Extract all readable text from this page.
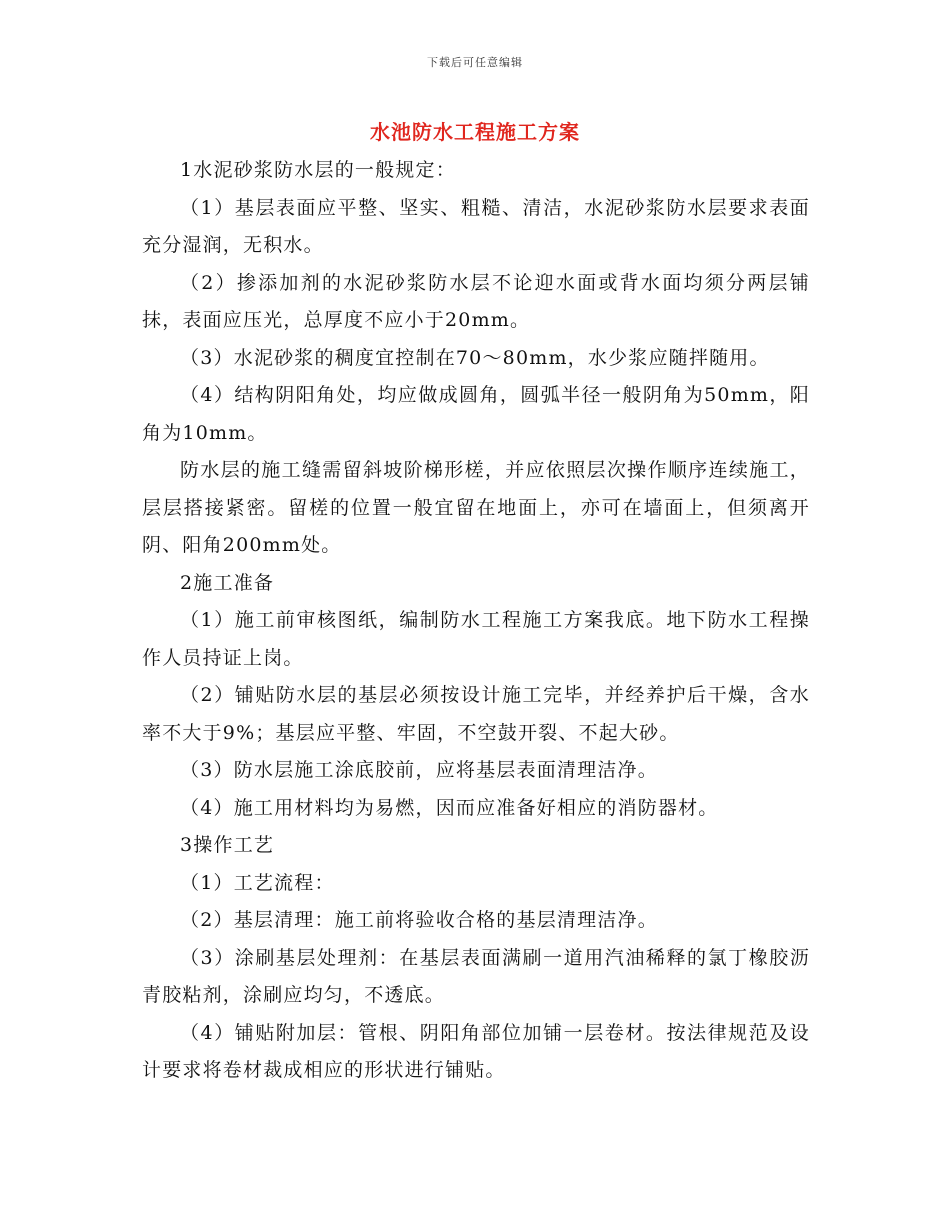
下载后可任意编辑
水池防水工程施工方案

1水泥砂浆防水层的一般规定：

（1）基层表面应平整、坚实、粗糙、清洁，水泥砂浆防水层要求表面充分湿润，无积水。

（2）掺添加剂的水泥砂浆防水层不论迎水面或背水面均须分两层铺抹，表面应压光，总厚度不应小于20mm。

（3）水泥砂浆的稠度宜控制在70～80mm，水少浆应随拌随用。

（4）结构阴阳角处，均应做成圆角，圆弧半径一般阴角为50mm，阳角为10mm。

防水层的施工缝需留斜坡阶梯形槎，并应依照层次操作顺序连续施工，层层搭接紧密。留槎的位置一般宜留在地面上，亦可在墙面上，但须离开阴、阳角200mm处。

2施工准备

（1）施工前审核图纸，编制防水工程施工方案我底。地下防水工程操作人员持证上岗。

（2）铺贴防水层的基层必须按设计施工完毕，并经养护后干燥，含水率不大于9%；基层应平整、牢固，不空鼓开裂、不起大砂。

（3）防水层施工涂底胶前，应将基层表面清理洁净。

（4）施工用材料均为易燃，因而应准备好相应的消防器材。

3操作工艺

（1）工艺流程：

（2）基层清理：施工前将验收合格的基层清理洁净。

（3）涂刷基层处理剂：在基层表面满刷一道用汽油稀释的氯丁橡胶沥青胶粘剂，涂刷应均匀，不透底。

（4）铺贴附加层：管根、阴阳角部位加铺一层卷材。按法律规范及设计要求将卷材裁成相应的形状进行铺贴。
